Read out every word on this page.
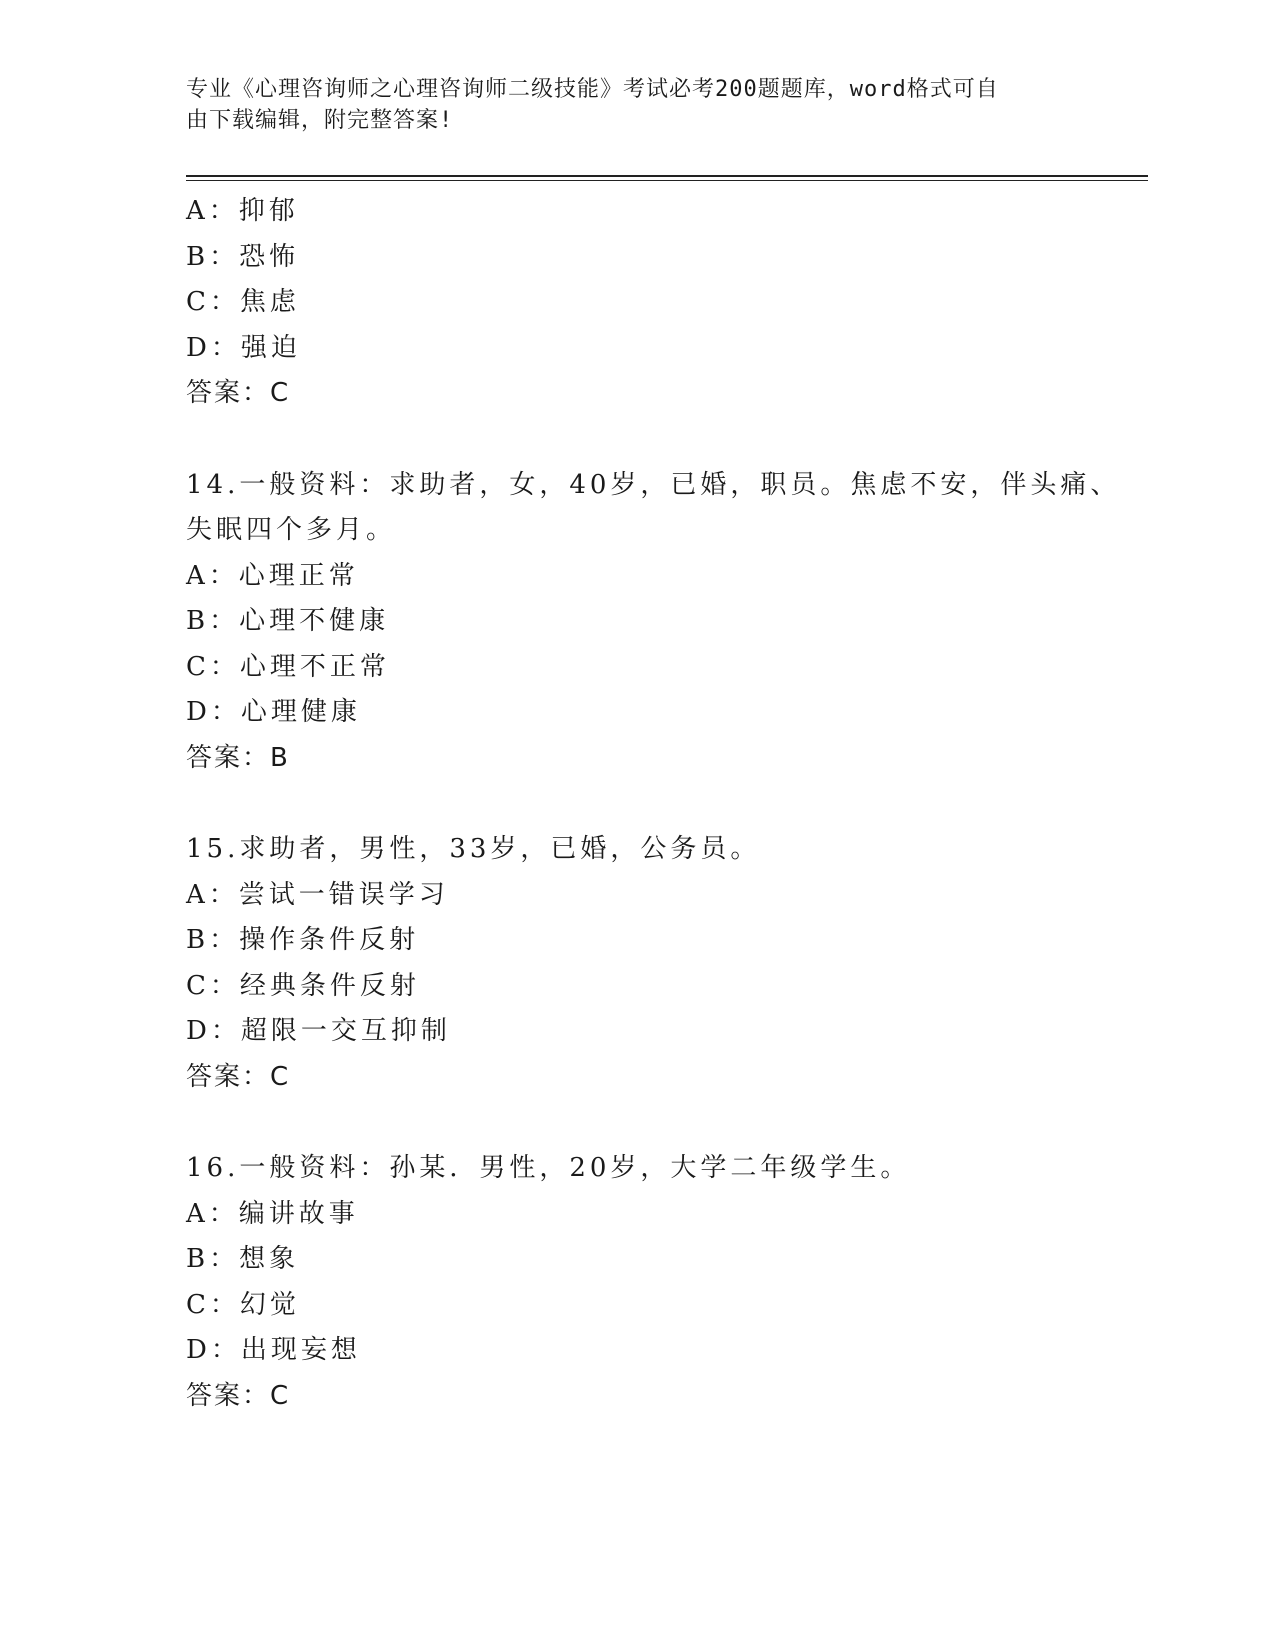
专业《心理咨询师之心理咨询师二级技能》考试必考200题题库，word格式可自
由下载编辑，附完整答案!
A：抑郁
B：恐怖
C：焦虑
D：强迫
答案：C
14.一般资料：求助者，女，40岁，已婚，职员。焦虑不安，伴头痛、
失眠四个多月。
A：心理正常
B：心理不健康
C：心理不正常
D：心理健康
答案：B
15.求助者，男性，33岁，已婚，公务员。
A：尝试一错误学习
B：操作条件反射
C：经典条件反射
D：超限一交互抑制
答案：C
16.一般资料：孙某．男性，20岁，大学二年级学生。
A：编讲故事
B：想象
C：幻觉
D：出现妄想
答案：C
